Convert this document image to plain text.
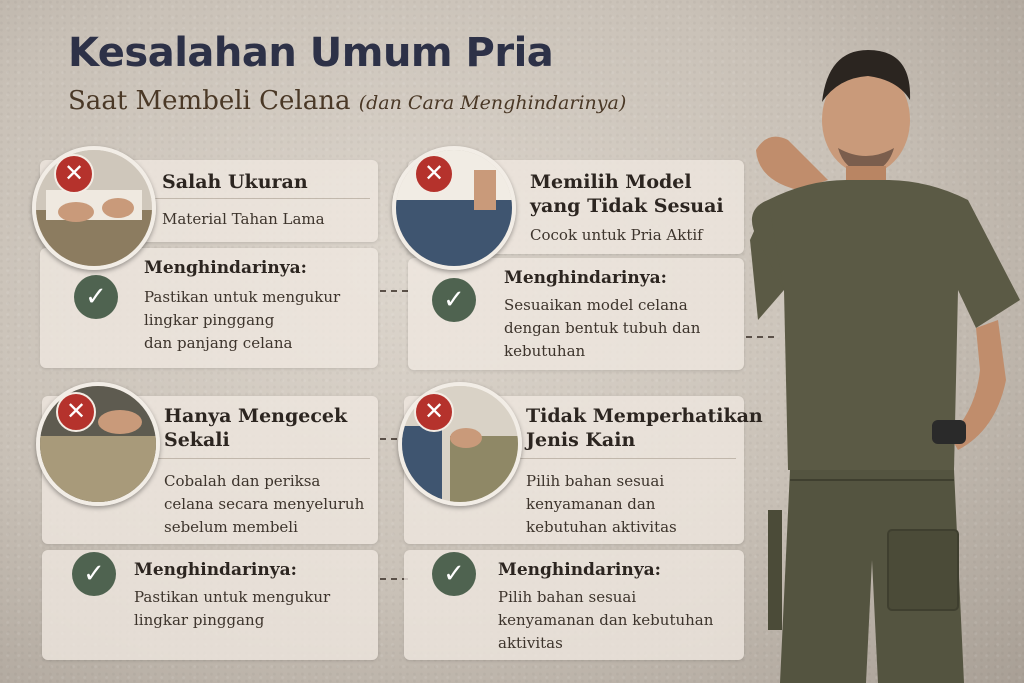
Kesalahan Umum Pria
Saat Membeli Celana (dan Cara Menghindarinya)
Salah Ukuran
Material Tahan Lama
✕
Menghindarinya:
✓	Pastikan untuk mengukur
lingkar pinggang
dan panjang celana
Memilih Model
yang Tidak Sesuai
Cocok untuk Pria Aktif
✕
Menghindarinya:
✓	Sesuaikan model celana
dengan bentuk tubuh dan
kebutuhan
Hanya Mengecek
Sekali
Cobalah dan periksa
celana secara menyeluruh
sebelum membeli
✕
Menghindarinya:
✓
Pastikan untuk mengukur
lingkar pinggang
Tidak Memperhatikan
Jenis Kain
Pilih bahan sesuai
kenyamanan dan
kebutuhan aktivitas
✕
Menghindarinya:
✓
Pilih bahan sesuai
kenyamanan dan kebutuhan
aktivitas
